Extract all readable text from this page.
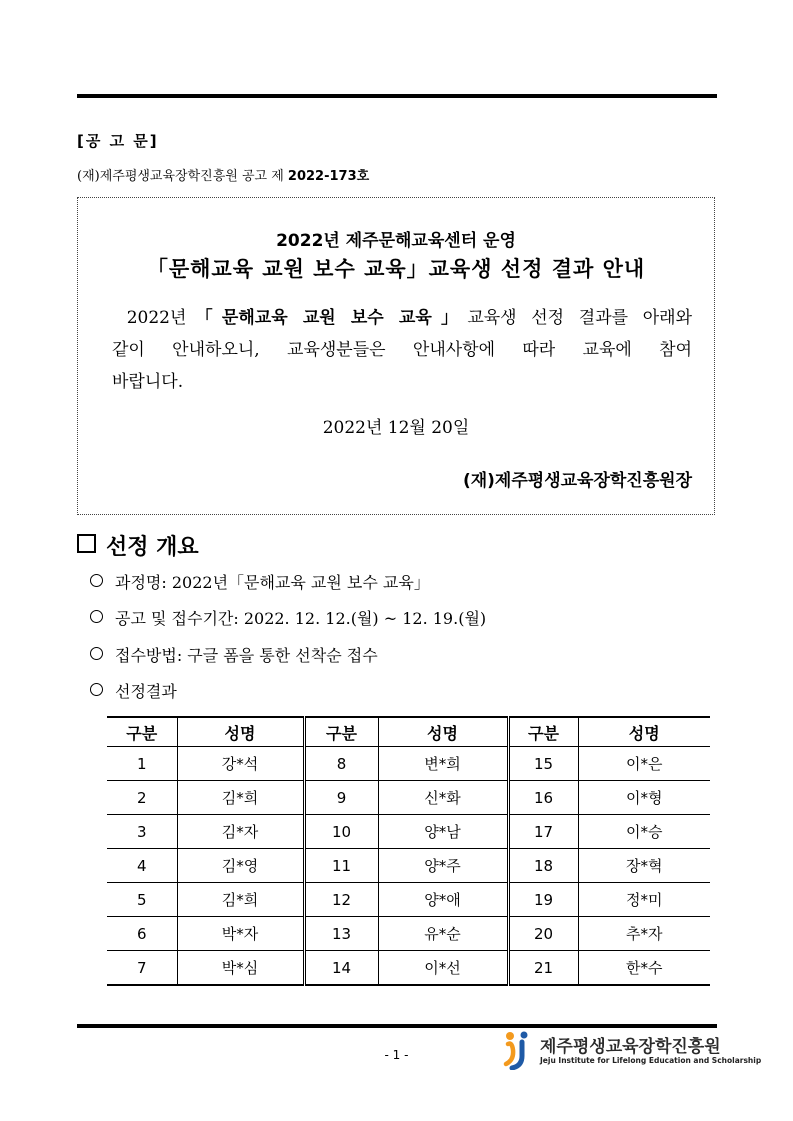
[공 고 문]
(재)제주평생교육장학진흥원 공고 제 2022-173호
2022년 제주문해교육센터 운영
「문해교육 교원 보수 교육」교육생 선정 결과 안내
2022년「문해교육 교원 보수 교육」교육생 선정 결과를 아래와
같이 안내하오니, 교육생분들은 안내사항에 따라 교육에 참여
바랍니다.
2022년 12월 20일
(재)제주평생교육장학진흥원장
선정 개요
과정명: 2022년「문해교육 교원 보수 교육」
공고 및 접수기간: 2022. 12. 12.(월) ~ 12. 19.(월)
접수방법: 구글 폼을 통한 선착순 접수
선정결과
구분	성명	구분	성명	구분	성명
1	강*석	8	변*희	15	이*은
2	김*희	9	신*화	16	이*형
3	김*자	10	양*남	17	이*승
4	김*영	11	양*주	18	장*혁
5	김*희	12	양*애	19	정*미
6	박*자	13	유*순	20	추*자
7	박*심	14	이*선	21	한*수
- 1 -	제주평생교육장학진흥원
Jeju Institute for Lifelong Education and Scholarship
